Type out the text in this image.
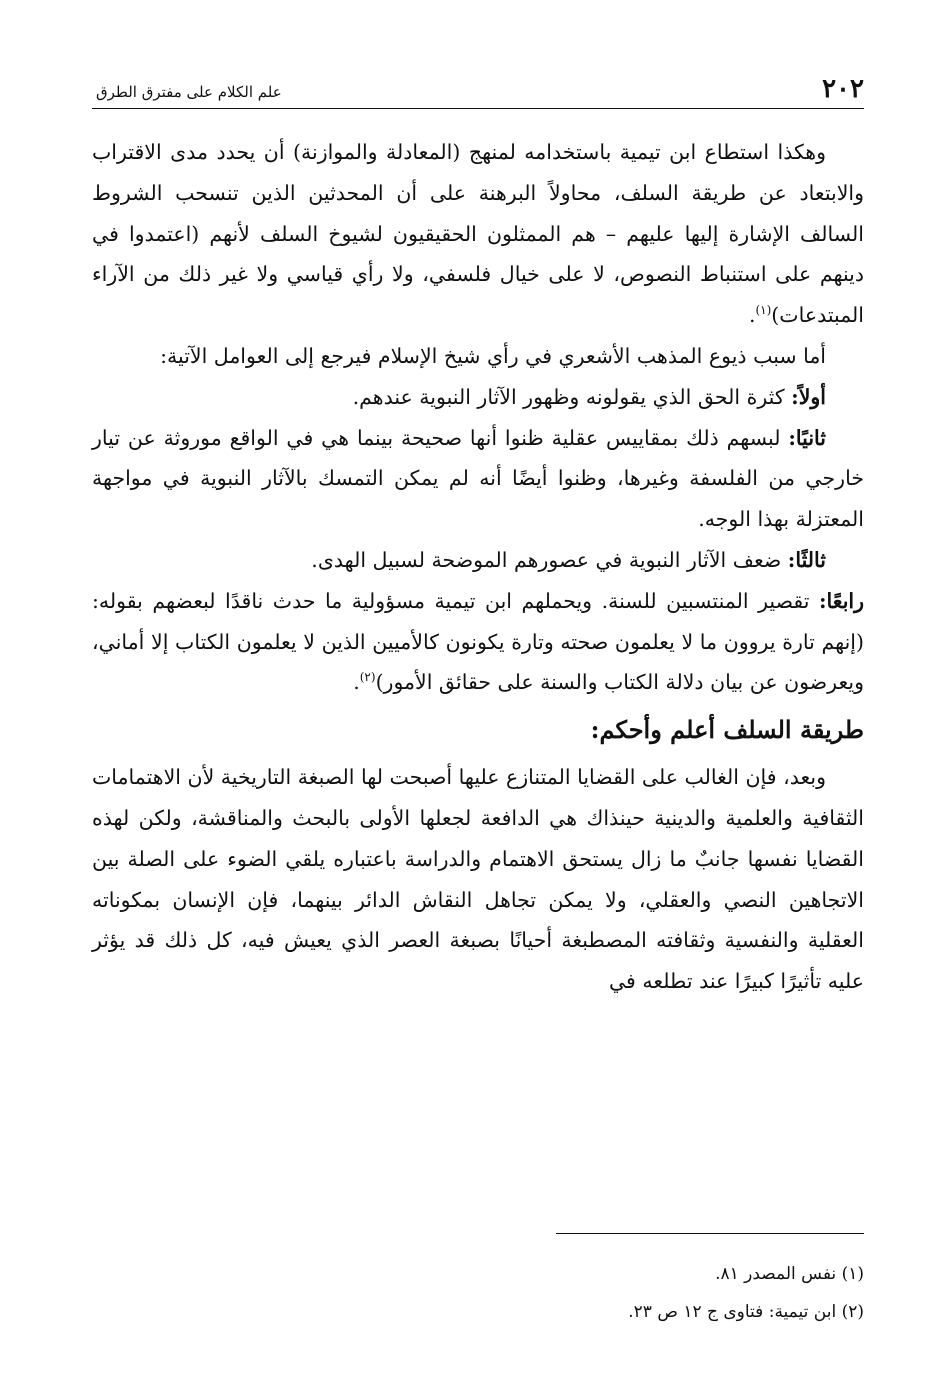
٢٠٢
علم الكلام على مفترق الطرق

وهكذا استطاع ابن تيمية باستخدامه لمنهج (المعادلة والموازنة) أن يحدد مدى الاقتراب والابتعاد عن طريقة السلف، محاولاً البرهنة على أن المحدثين الذين تنسحب الشروط السالف الإشارة إليها عليهم – هم الممثلون الحقيقيون لشيوخ السلف لأنهم (اعتمدوا في دينهم على استنباط النصوص، لا على خيال فلسفي، ولا رأي قياسي ولا غير ذلك من الآراء المبتدعات)$^{(١)}$.

أما سبب ذيوع المذهب الأشعري في رأي شيخ الإسلام فيرجع إلى العوامل الآتية:

أولاً: كثرة الحق الذي يقولونه وظهور الآثار النبوية عندهم.

ثانيًا: لبسهم ذلك بمقاييس عقلية ظنوا أنها صحيحة بينما هي في الواقع موروثة عن تيار خارجي من الفلسفة وغيرها، وظنوا أيضًا أنه لم يمكن التمسك بالآثار النبوية في مواجهة المعتزلة بهذا الوجه.

ثالثًا: ضعف الآثار النبوية في عصورهم الموضحة لسبيل الهدى.

رابعًا: تقصير المنتسبين للسنة. ويحملهم ابن تيمية مسؤولية ما حدث ناقدًا لبعضهم بقوله: (إنهم تارة يروون ما لا يعلمون صحته وتارة يكونون كالأميين الذين لا يعلمون الكتاب إلا أماني، ويعرضون عن بيان دلالة الكتاب والسنة على حقائق الأمور)$^{(٢)}$.

طريقة السلف أعلم وأحكم:

وبعد، فإن الغالب على القضايا المتنازع عليها أصبحت لها الصبغة التاريخية لأن الاهتمامات الثقافية والعلمية والدينية حينذاك هي الدافعة لجعلها الأولى بالبحث والمناقشة، ولكن لهذه القضايا نفسها جانبٌ ما زال يستحق الاهتمام والدراسة باعتباره يلقي الضوء على الصلة بين الاتجاهين النصي والعقلي، ولا يمكن تجاهل النقاش الدائر بينهما، فإن الإنسان بمكوناته العقلية والنفسية وثقافته المصطبغة أحيانًا بصبغة العصر الذي يعيش فيه، كل ذلك قد يؤثر عليه تأثيرًا كبيرًا عند تطلعه في

(١) نفس المصدر ٨١.
(٢) ابن تيمية: فتاوى ج ١٢ ص ٢٣.
